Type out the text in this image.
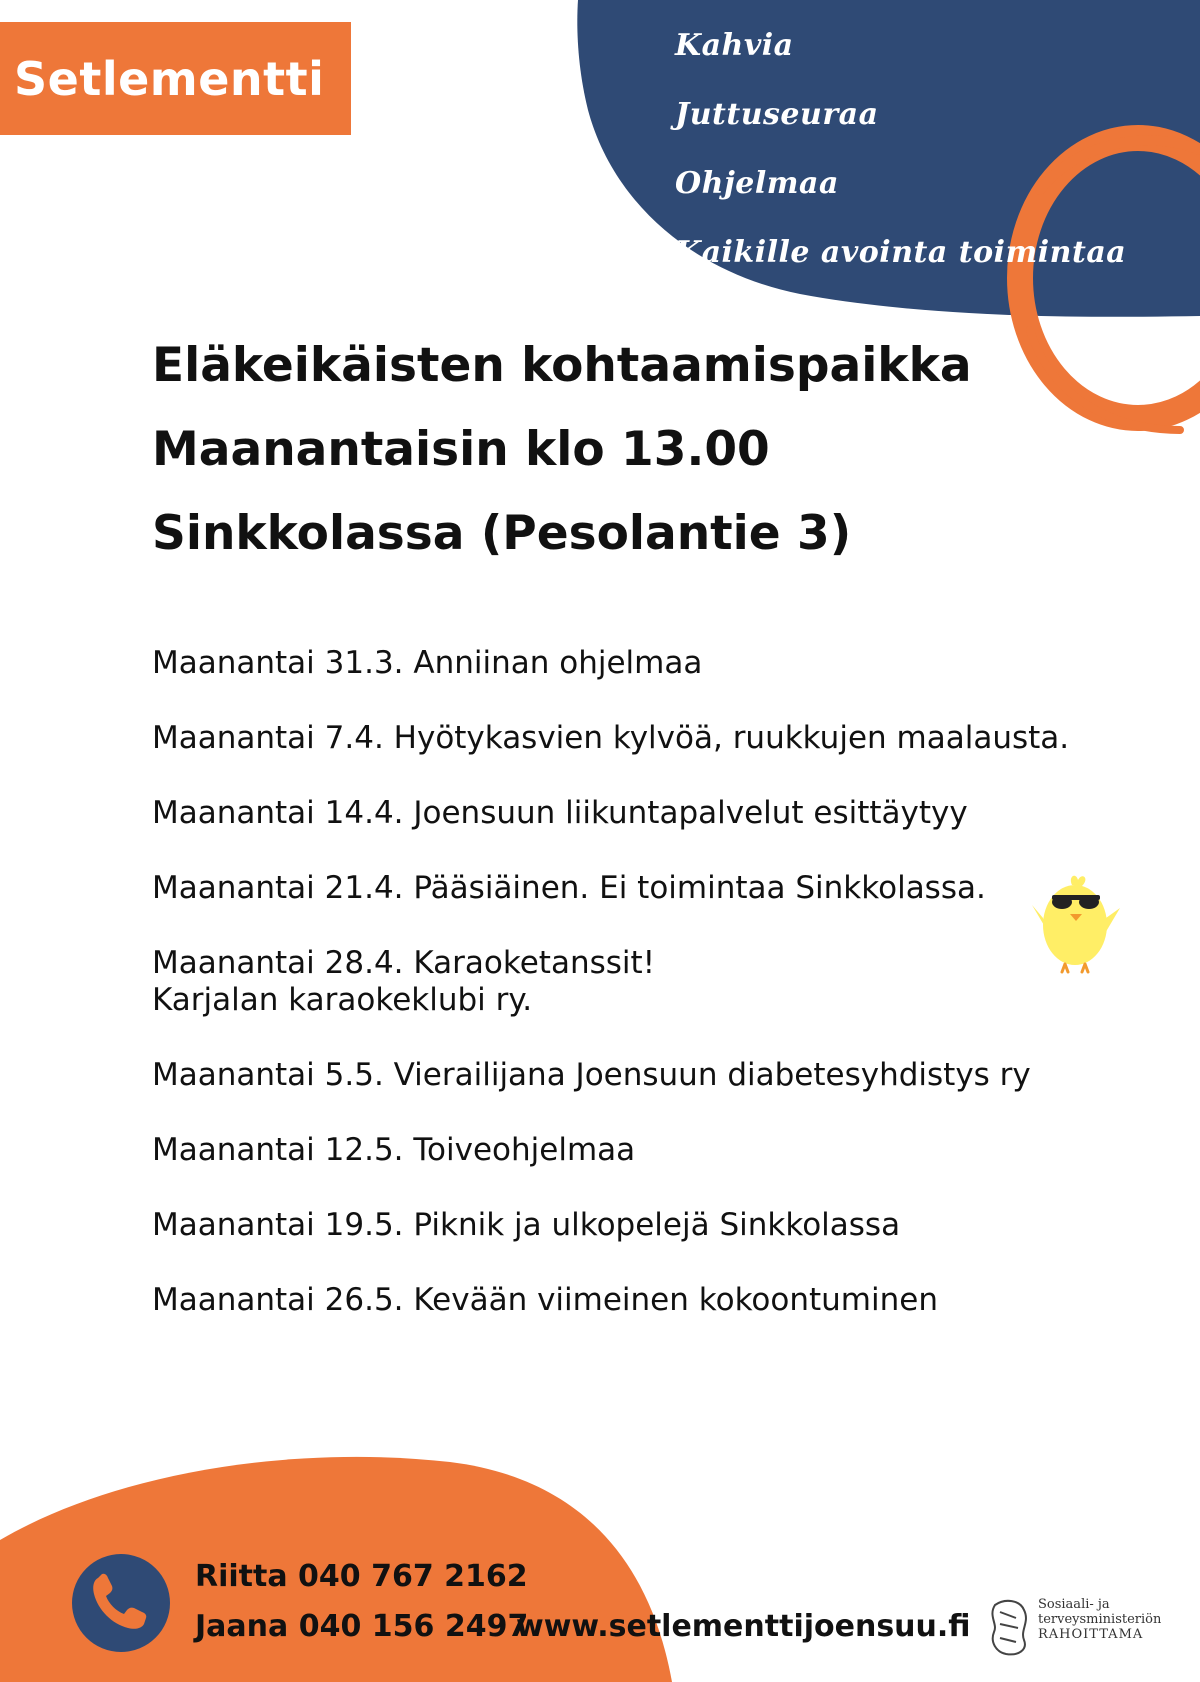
Setlementti
Kahvia
Juttuseuraa
Ohjelmaa
Kaikille avointa toimintaa
Eläkeikäisten kohtaamispaikka
Maanantaisin klo 13.00
Sinkkolassa (Pesolantie 3)
Maanantai 31.3. Anniinan ohjelmaa
Maanantai 7.4. Hyötykasvien kylvöä, ruukkujen maalausta.
Maanantai 14.4. Joensuun liikuntapalvelut esittäytyy
Maanantai 21.4. Pääsiäinen. Ei toimintaa Sinkkolassa.
Maanantai 28.4. Karaoketanssit!
Karjalan karaokeklubi ry.
Maanantai 5.5. Vierailijana Joensuun diabetesyhdistys ry
Maanantai 12.5. Toiveohjelmaa
Maanantai 19.5. Piknik ja ulkopelejä Sinkkolassa
Maanantai 26.5. Kevään viimeinen kokoontuminen
Riitta 040 767 2162
Jaana 040 156 2497
www.setlementtijoensuu.fi
Sosiaali- ja
terveysministeriön
RAHOITTAMA
